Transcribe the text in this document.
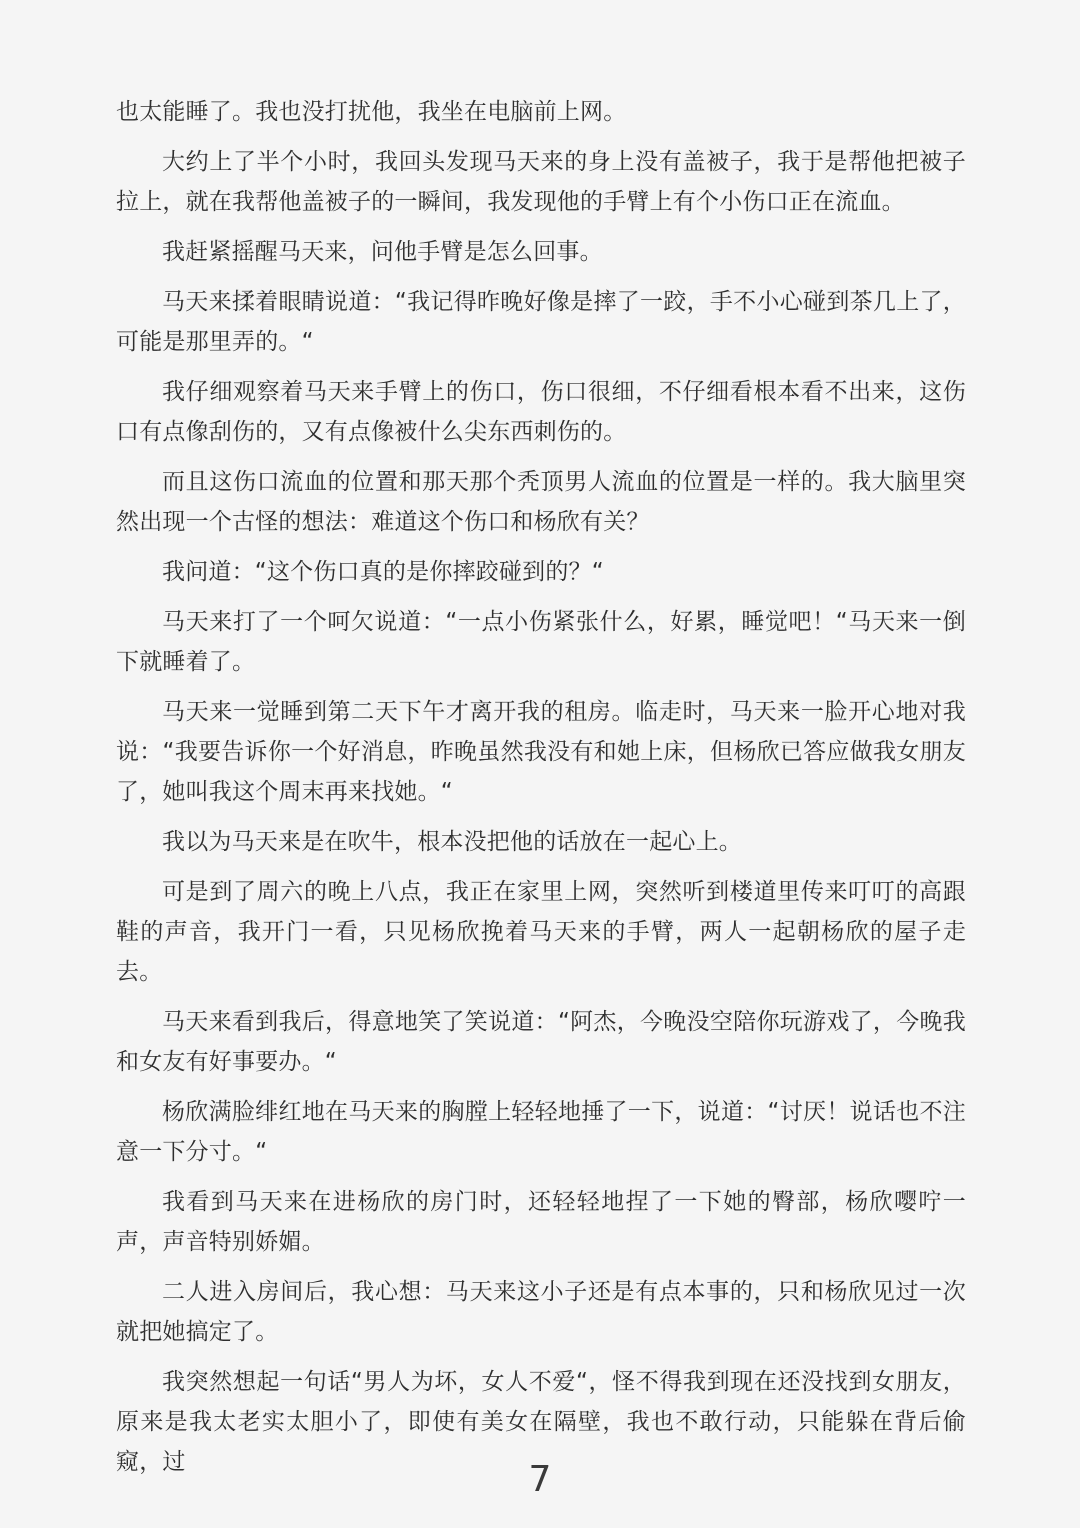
也太能睡了。我也没打扰他，我坐在电脑前上网。

大约上了半个小时，我回头发现马天来的身上没有盖被子，我于是帮他把被子拉上，就在我帮他盖被子的一瞬间，我发现他的手臂上有个小伤口正在流血。

我赶紧摇醒马天来，问他手臂是怎么回事。

马天来揉着眼睛说道：“我记得昨晚好像是摔了一跤，手不小心碰到茶几上了，可能是那里弄的。“

我仔细观察着马天来手臂上的伤口，伤口很细，不仔细看根本看不出来，这伤口有点像刮伤的，又有点像被什么尖东西刺伤的。

而且这伤口流血的位置和那天那个秃顶男人流血的位置是一样的。我大脑里突然出现一个古怪的想法：难道这个伤口和杨欣有关？

我问道：“这个伤口真的是你摔跤碰到的？“

马天来打了一个呵欠说道：“一点小伤紧张什么，好累，睡觉吧！“马天来一倒下就睡着了。

马天来一觉睡到第二天下午才离开我的租房。临走时，马天来一脸开心地对我说：“我要告诉你一个好消息，昨晚虽然我没有和她上床，但杨欣已答应做我女朋友了，她叫我这个周末再来找她。“

我以为马天来是在吹牛，根本没把他的话放在一起心上。

可是到了周六的晚上八点，我正在家里上网，突然听到楼道里传来叮叮的高跟鞋的声音，我开门一看，只见杨欣挽着马天来的手臂，两人一起朝杨欣的屋子走去。

马天来看到我后，得意地笑了笑说道：“阿杰，今晚没空陪你玩游戏了，今晚我和女友有好事要办。“

杨欣满脸绯红地在马天来的胸膛上轻轻地捶了一下，说道：“讨厌！说话也不注意一下分寸。“

我看到马天来在进杨欣的房门时，还轻轻地捏了一下她的臀部，杨欣嘤咛一声，声音特别娇媚。

二人进入房间后，我心想：马天来这小子还是有点本事的，只和杨欣见过一次就把她搞定了。

我突然想起一句话“男人为坏，女人不爱“，怪不得我到现在还没找到女朋友，原来是我太老实太胆小了，即使有美女在隔壁，我也不敢行动，只能躲在背后偷窥，过	7
